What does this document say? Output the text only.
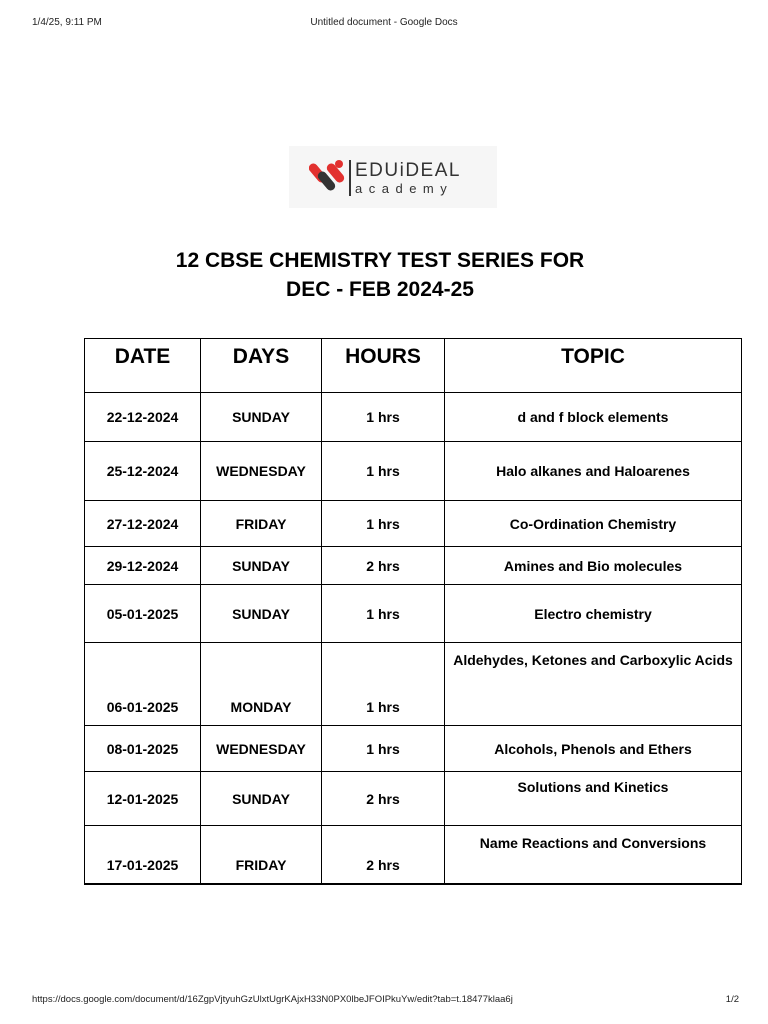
1/4/25, 9:11 PM	Untitled document - Google Docs
EDUiDEAL
academy
12 CBSE CHEMISTRY TEST SERIES FOR
DEC - FEB 2024-25
DATE	DAYS	HOURS	TOPIC
22-12-2024	SUNDAY	1 hrs	d and f block elements
25-12-2024	WEDNESDAY	1 hrs	Halo alkanes and Haloarenes
27-12-2024	FRIDAY	1 hrs	Co-Ordination Chemistry
29-12-2024	SUNDAY	2 hrs	Amines and Bio molecules
05-01-2025	SUNDAY	1 hrs	Electro chemistry
06-01-2025	MONDAY	1 hrs	Aldehydes, Ketones and Carboxylic Acids
08-01-2025	WEDNESDAY	1 hrs	Alcohols, Phenols and Ethers
12-01-2025	SUNDAY	2 hrs	Solutions and Kinetics
17-01-2025	FRIDAY	2 hrs	Name Reactions and Conversions
https://docs.google.com/document/d/16ZgpVjtyuhGzUlxtUgrKAjxH33N0PX0lbeJFOIPkuYw/edit?tab=t.18477klaa6j	1/2
